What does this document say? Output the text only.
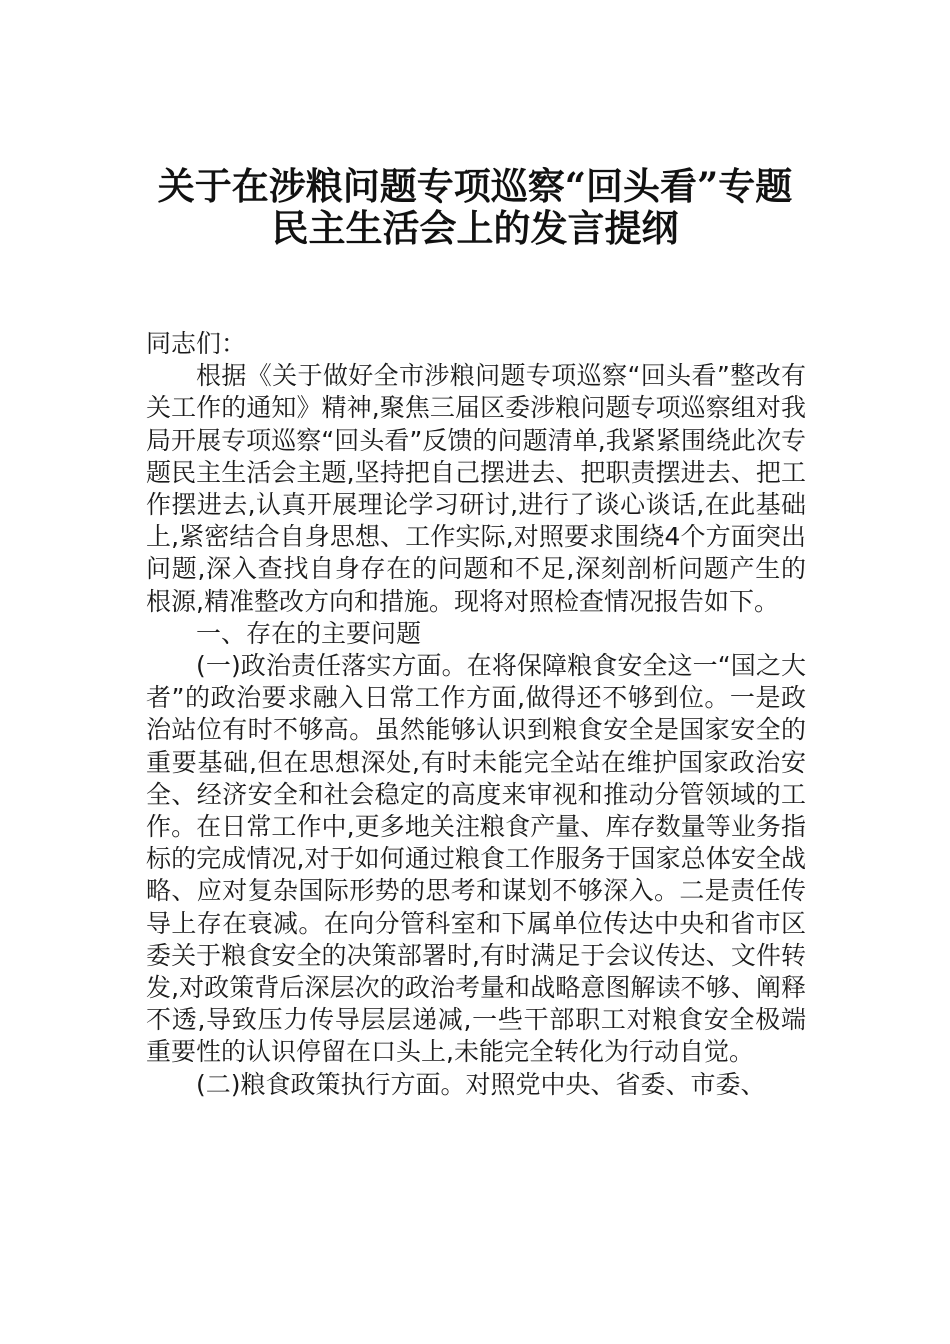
关于在涉粮问题专项巡察“回头看”专题
民主生活会上的发言提纲

同志们：

根据《关于做好全市涉粮问题专项巡察“回头看”整改有关工作的通知》精神,聚焦三届区委涉粮问题专项巡察组对我局开展专项巡察“回头看”反馈的问题清单,我紧紧围绕此次专题民主生活会主题,坚持把自己摆进去、把职责摆进去、把工作摆进去,认真开展理论学习研讨,进行了谈心谈话,在此基础上,紧密结合自身思想、工作实际,对照要求围绕4个方面突出问题,深入查找自身存在的问题和不足,深刻剖析问题产生的根源,精准整改方向和措施。现将对照检查情况报告如下。

一、存在的主要问题

(一)政治责任落实方面。在将保障粮食安全这一“国之大者”的政治要求融入日常工作方面,做得还不够到位。一是政治站位有时不够高。虽然能够认识到粮食安全是国家安全的重要基础,但在思想深处,有时未能完全站在维护国家政治安全、经济安全和社会稳定的高度来审视和推动分管领域的工作。在日常工作中,更多地关注粮食产量、库存数量等业务指标的完成情况,对于如何通过粮食工作服务于国家总体安全战略、应对复杂国际形势的思考和谋划不够深入。二是责任传导上存在衰减。在向分管科室和下属单位传达中央和省市区委关于粮食安全的决策部署时,有时满足于会议传达、文件转发,对政策背后深层次的政治考量和战略意图解读不够、阐释不透,导致压力传导层层递减,一些干部职工对粮食安全极端重要性的认识停留在口头上,未能完全转化为行动自觉。

(二)粮食政策执行方面。对照党中央、省委、市委、
